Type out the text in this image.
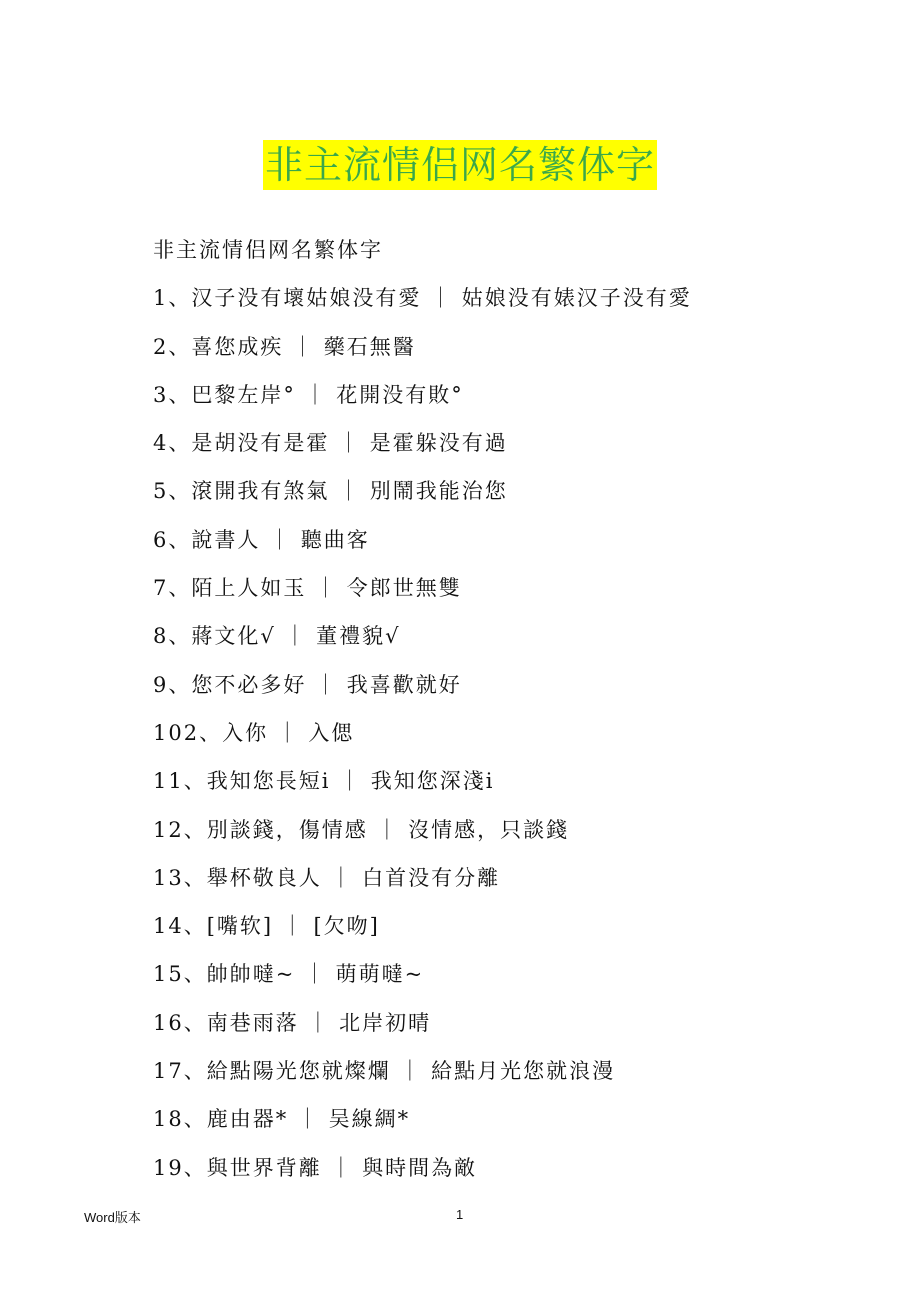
非主流情侣网名繁体字
非主流情侣网名繁体字
1、汉子没有壞姑娘没有愛 ｜ 姑娘没有婊汉子没有愛
2、喜您成疾 ｜ 藥石無醫
3、巴黎左岸° ｜ 花開没有敗°
4、是胡没有是霍 ｜ 是霍躲没有過
5、滾開我有煞氣 ｜ 別鬧我能治您
6、說書人 ｜ 聽曲客
7、陌上人如玉 ｜ 令郎世無雙
8、蔣文化√ ｜ 董禮貌√
9、您不必多好 ｜ 我喜歡就好
102、入你 ｜ 入偲
11、我知您長短ⅰ ｜ 我知您深淺ⅰ
12、別談錢，傷情感 ｜ 沒情感，只談錢
13、舉杯敬良人 ｜ 白首没有分離
14、[嘴软] ｜ [欠吻]
15、帥帥噠~ ｜ 萌萌噠~
16、南巷雨落 ｜ 北岸初晴
17、給點陽光您就燦爛 ｜ 給點月光您就浪漫
18、鹿由器* ｜ 吴線綢*
19、與世界背離 ｜ 與時間為敵
Word版本	1
